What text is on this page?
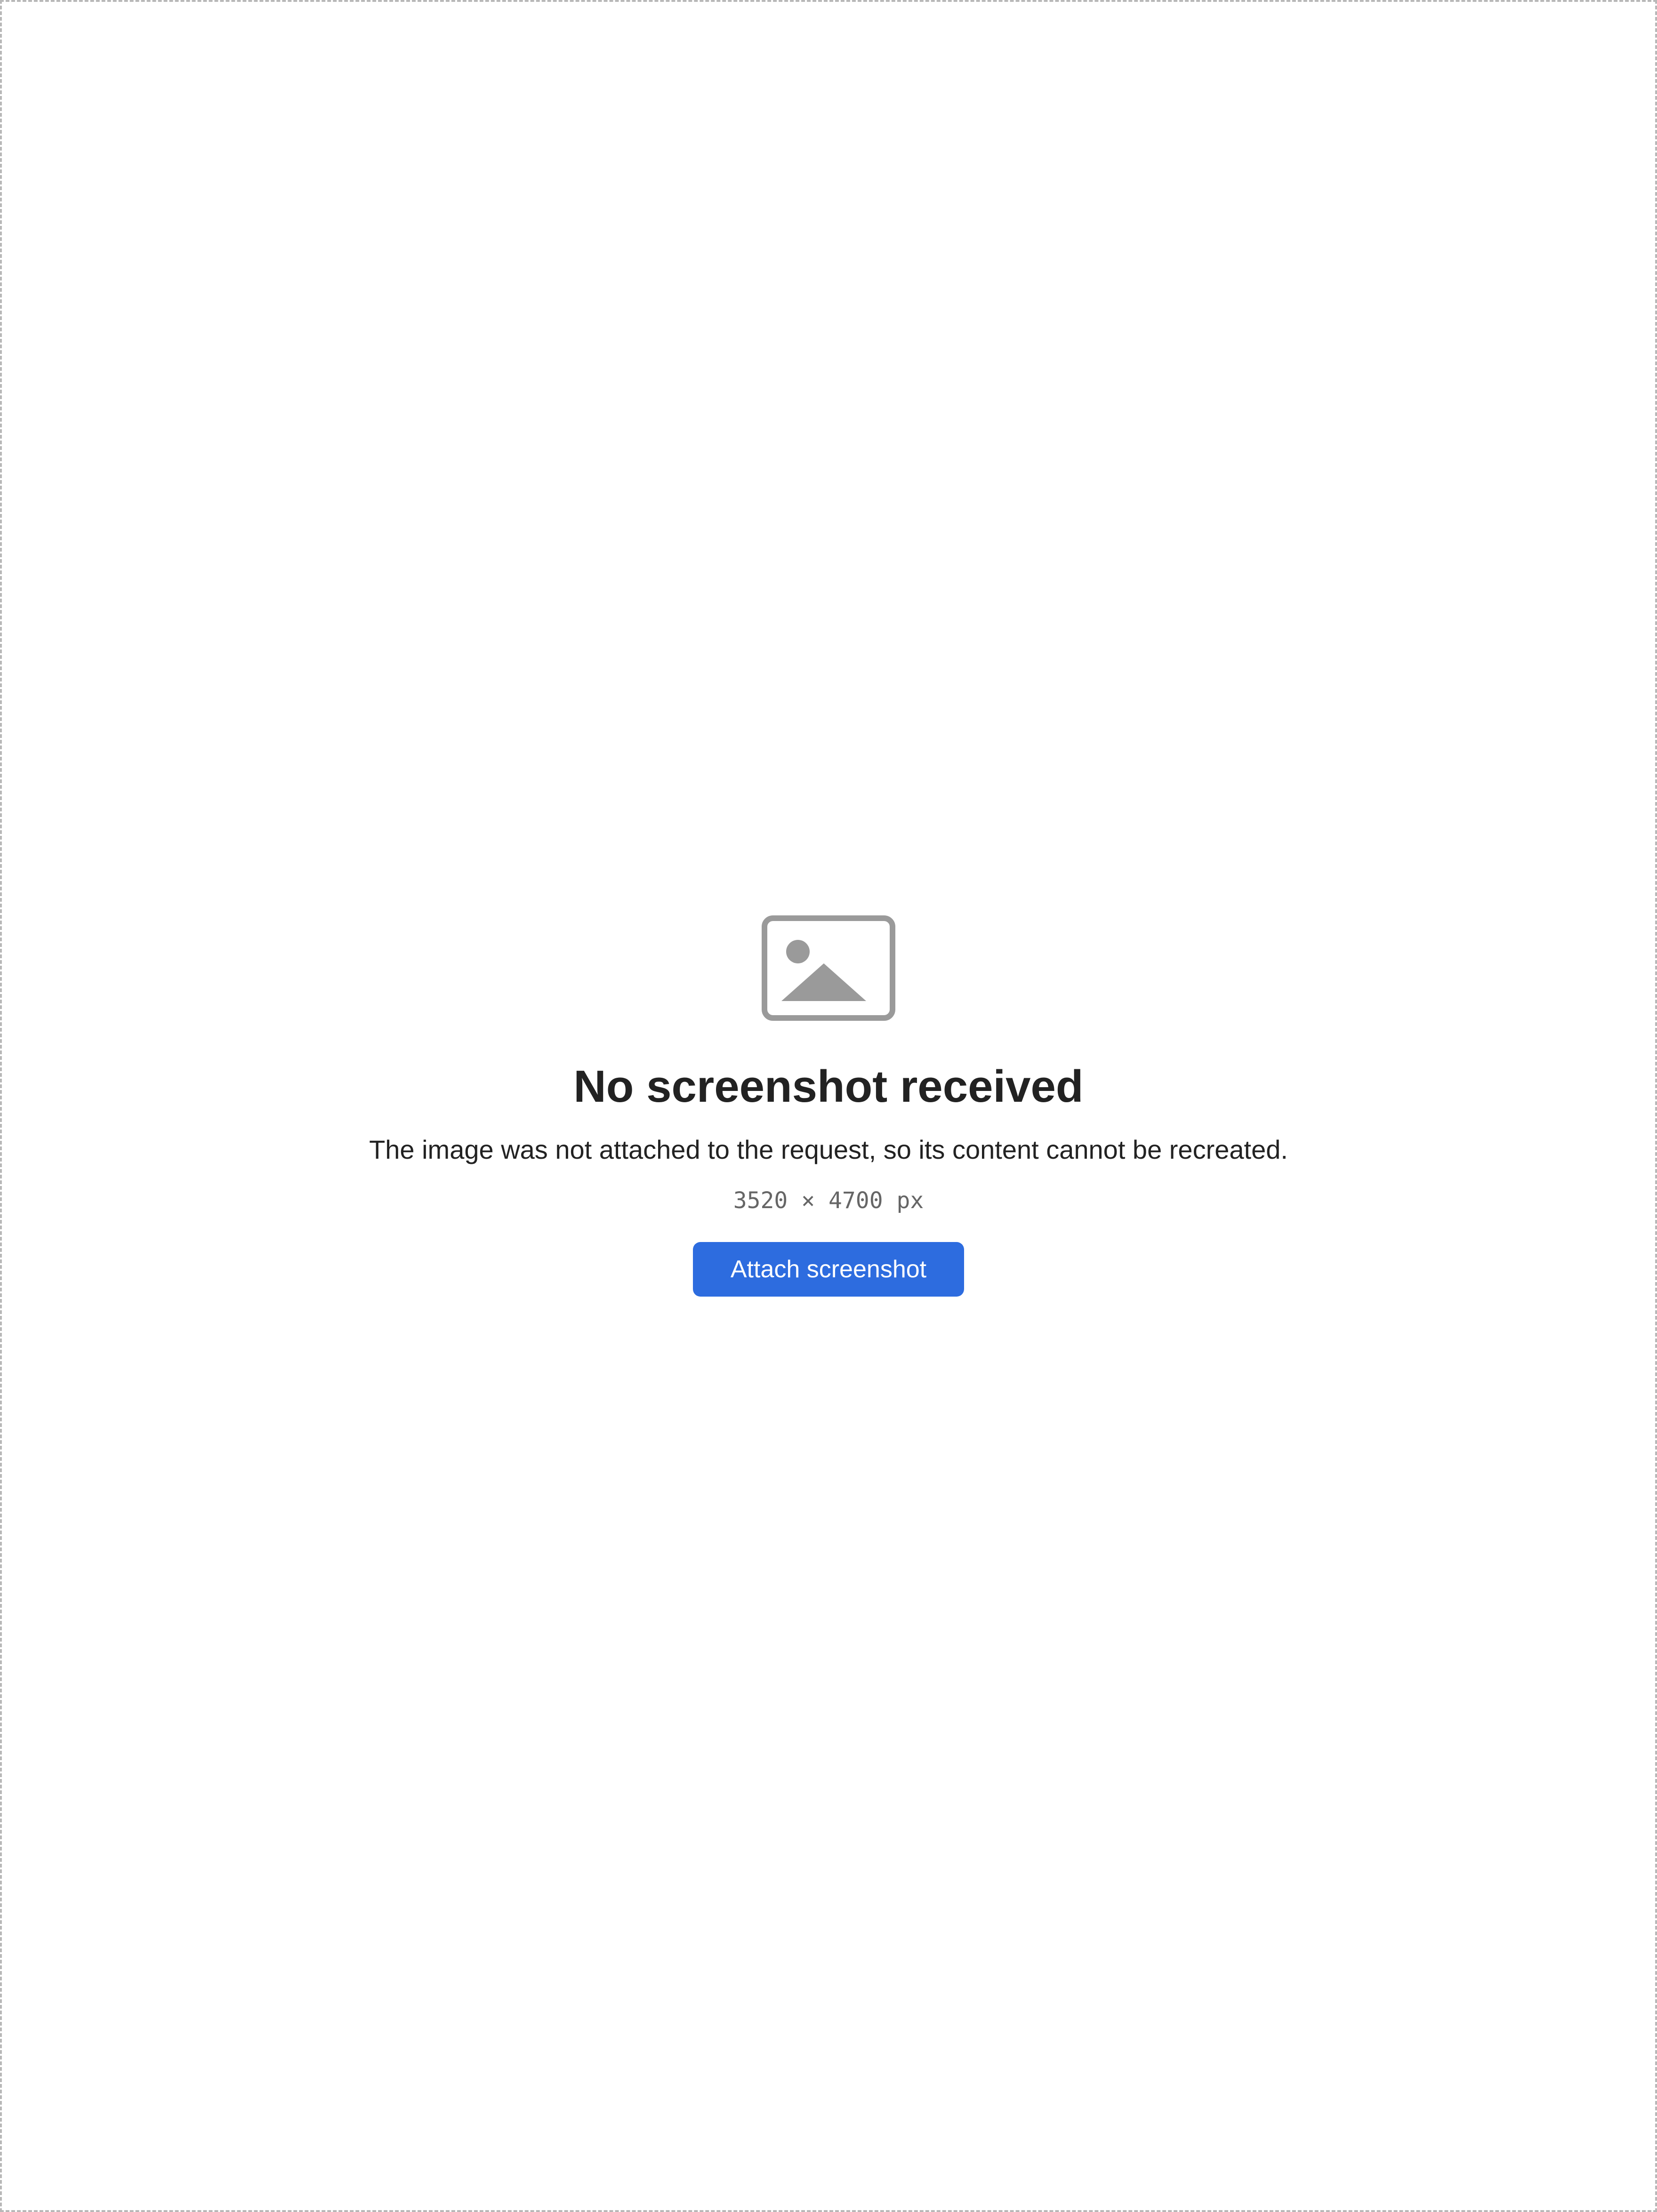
No screenshot received

The image was not attached to the request, so its content cannot be recreated.

3520 × 4700 px

Attach screenshot
